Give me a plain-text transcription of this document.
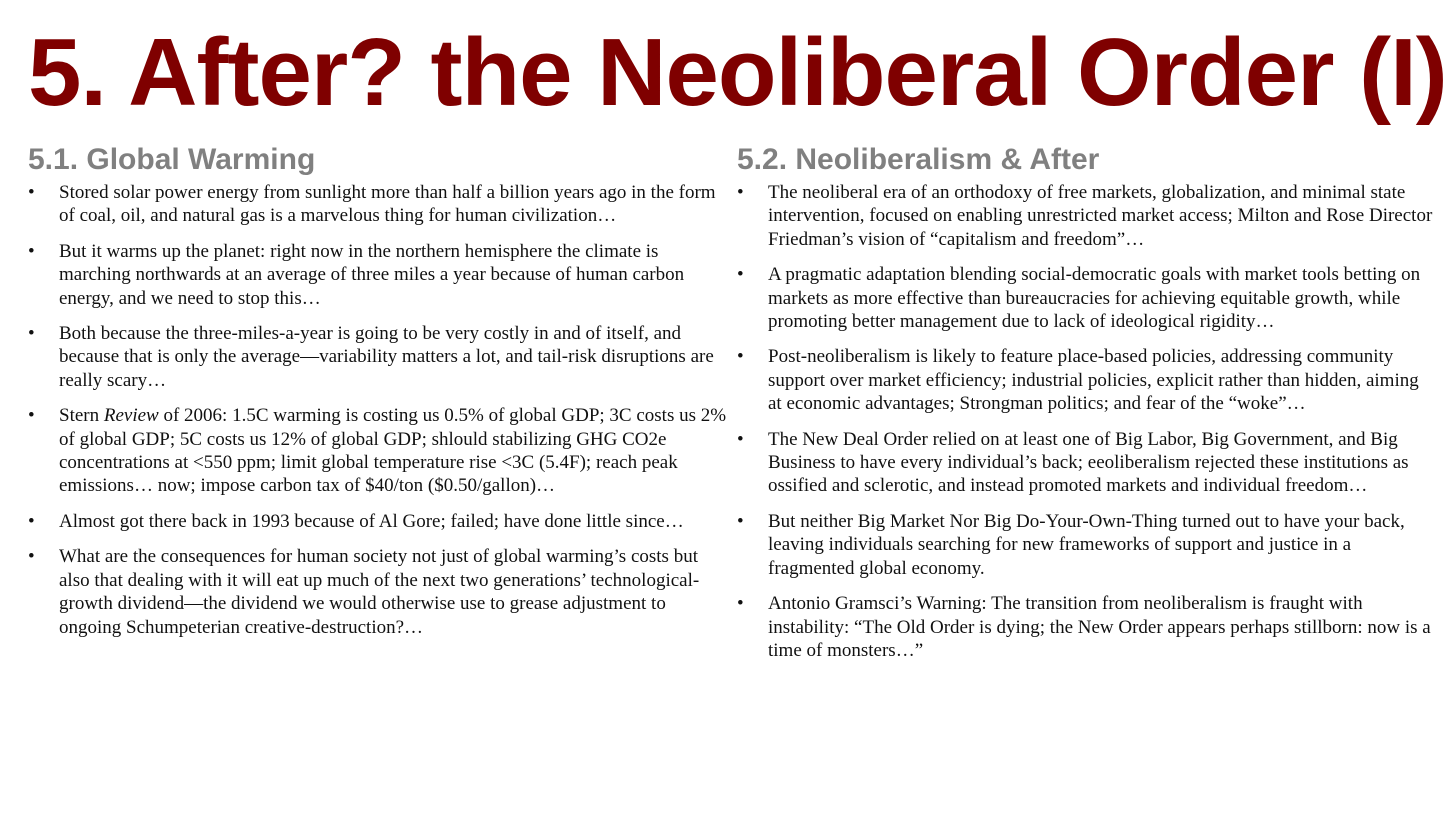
5. After? the Neoliberal Order (I)
5.1. Global Warming
• Stored solar power energy from sunlight more than half a billion years ago in the form of coal, oil, and natural gas is a marvelous thing for human civilization…
• But it warms up the planet: right now in the northern hemisphere the climate is marching northwards at an average of three miles a year because of human carbon energy, and we need to stop this…
• Both because the three-miles-a-year is going to be very costly in and of itself, and because that is only the average—variability matters a lot, and tail-risk disruptions are really scary…
• Stern Review of 2006: 1.5C warming is costing us 0.5% of global GDP; 3C costs us 2% of global GDP; 5C costs us 12% of global GDP; shlould stabilizing GHG CO2e concentrations at <550 ppm; limit global temperature rise <3C (5.4F); reach peak emissions… now; impose carbon tax of $40/ton ($0.50/gallon)…
• Almost got there back in 1993 because of Al Gore; failed; have done little since…
• What are the consequences for human society not just of global warming’s costs but also that dealing with it will eat up much of the next two generations’ technological-growth dividend—the dividend we would otherwise use to grease adjustment to ongoing Schumpeterian creative-destruction?…
5.2. Neoliberalism & After
• The neoliberal era of an orthodoxy of free markets, globalization, and minimal state intervention, focused on enabling unrestricted market access; Milton and Rose Director Friedman’s vision of “capitalism and freedom”…
• A pragmatic adaptation blending social-democratic goals with market tools betting on markets as more effective than bureaucracies for achieving equitable growth, while promoting better management due to lack of ideological rigidity…
• Post-neoliberalism is likely to feature place-based policies, addressing community support over market efficiency; industrial policies, explicit rather than hidden, aiming at economic advantages; Strongman politics; and fear of the “woke”…
• The New Deal Order relied on at least one of Big Labor, Big Government, and Big Business to have every individual’s back; eeoliberalism rejected these institutions as ossified and sclerotic, and instead promoted markets and individual freedom…
• But neither Big Market Nor Big Do-Your-Own-Thing turned out to have your back, leaving individuals searching for new frameworks of support and justice in a fragmented global economy.
• Antonio Gramsci’s Warning: The transition from neoliberalism is fraught with instability: “The Old Order is dying; the New Order appears perhaps stillborn: now is a time of monsters…”
